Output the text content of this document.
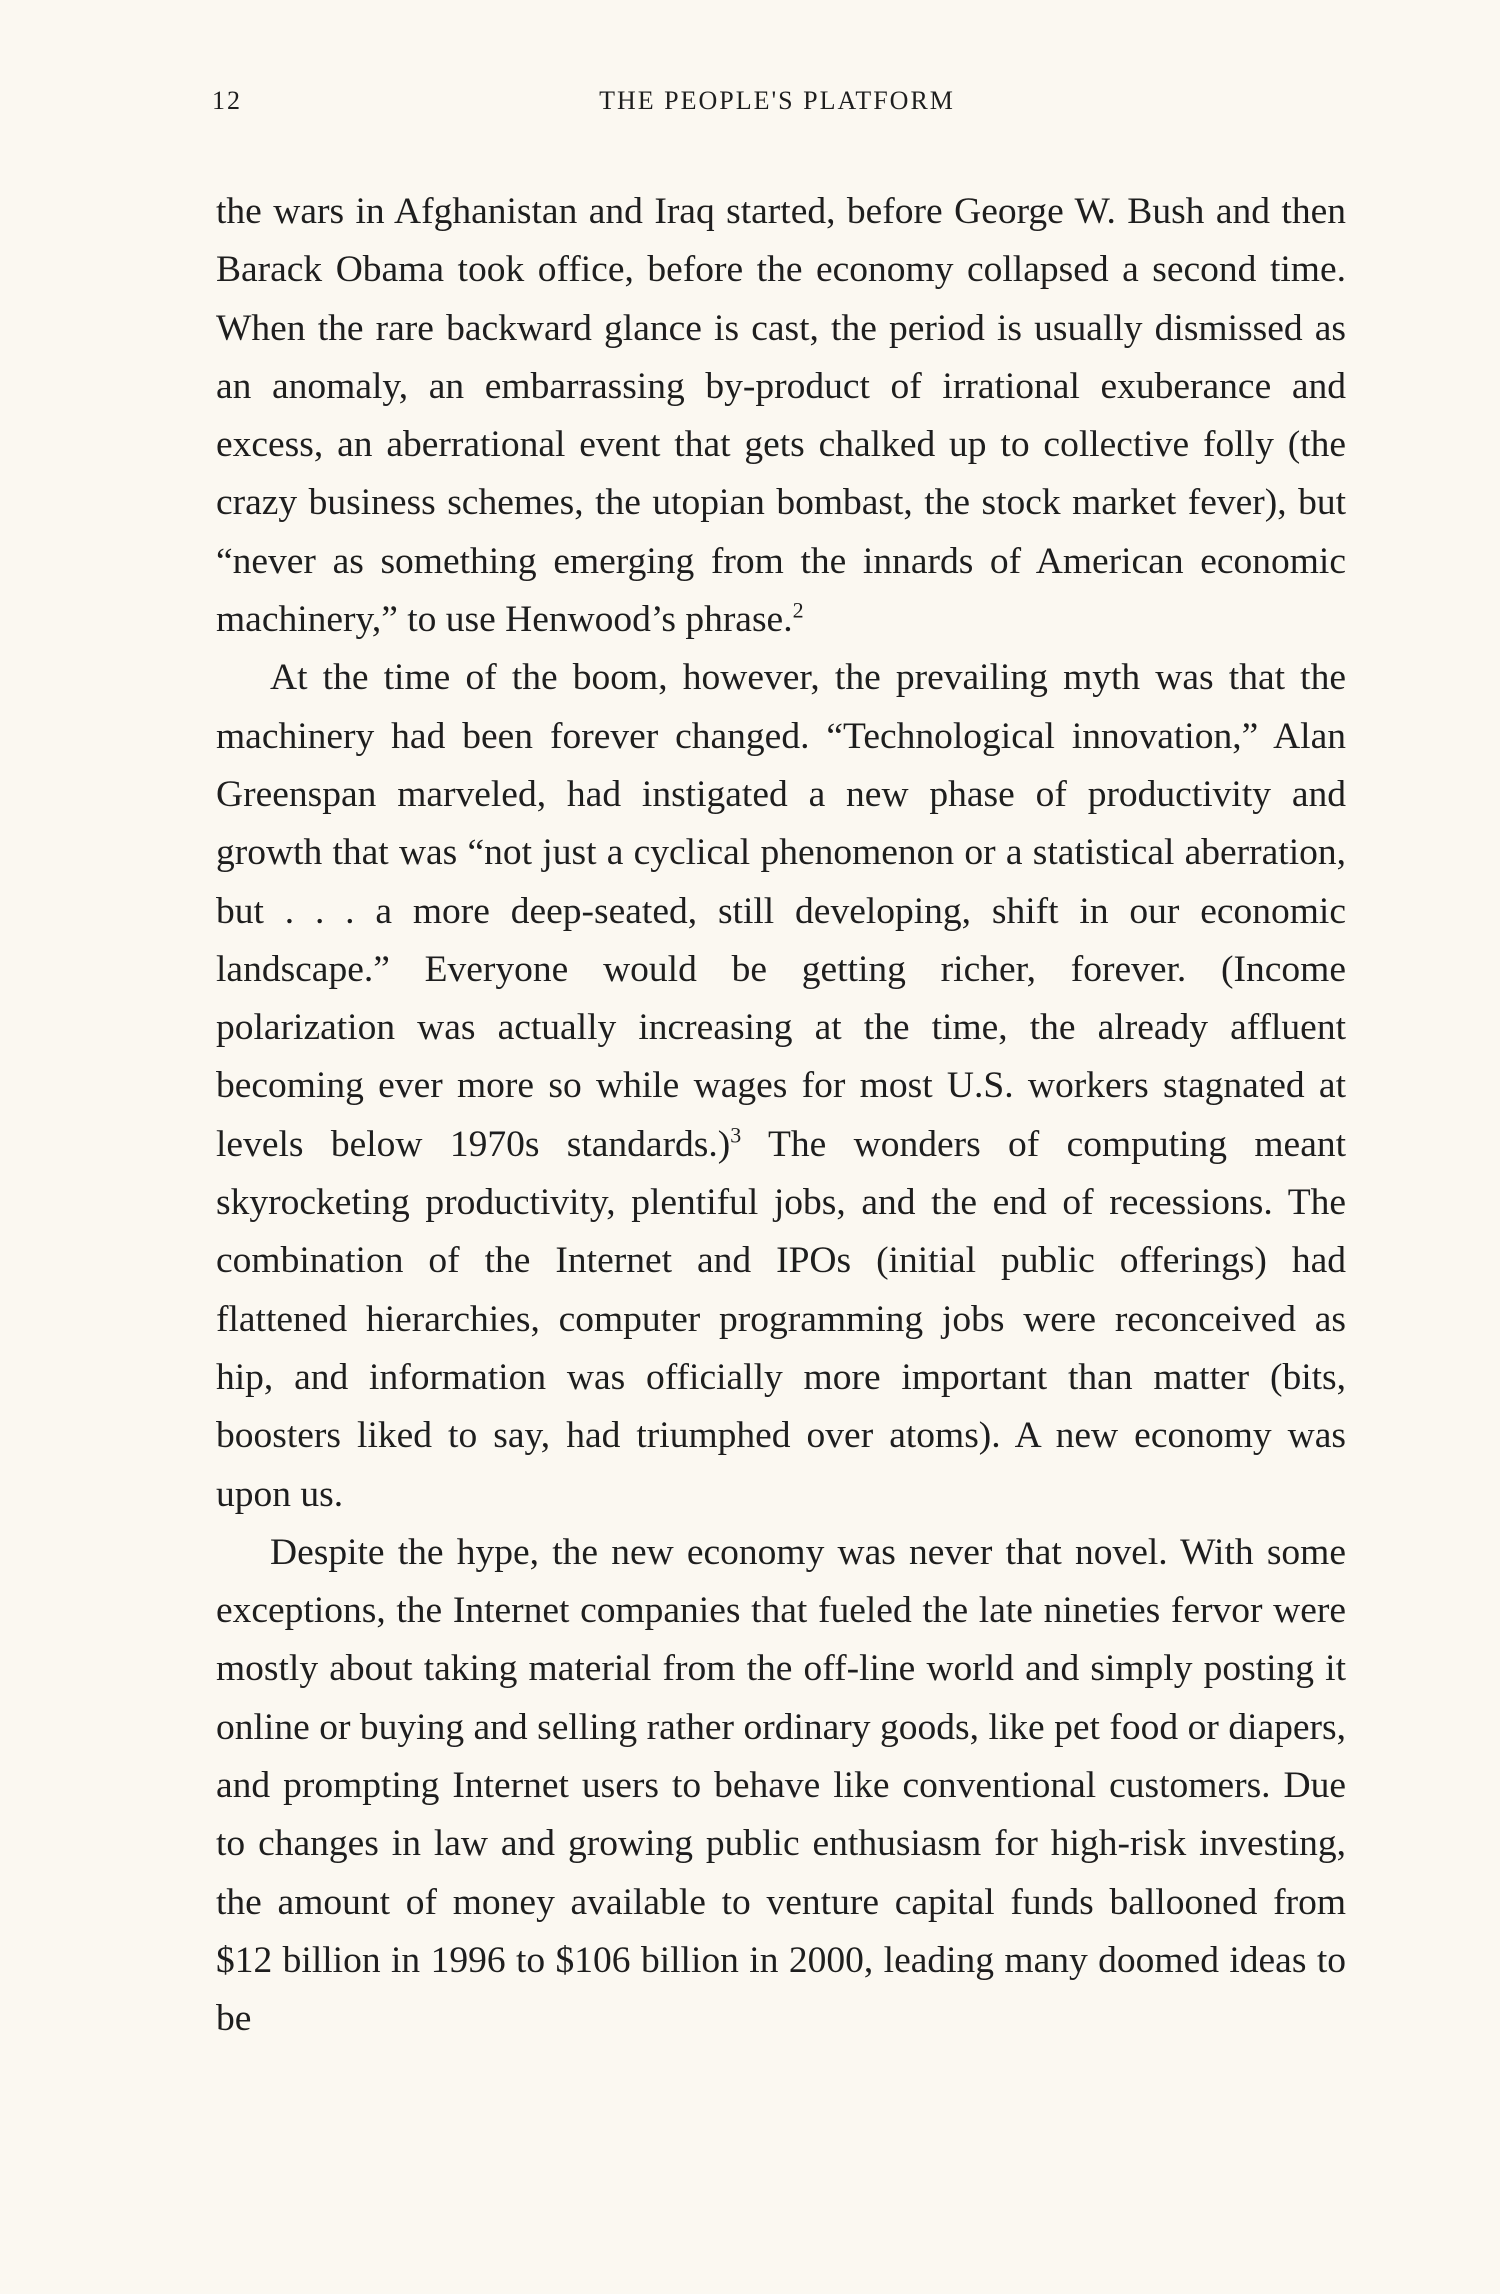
12	THE PEOPLE'S PLATFORM

the wars in Afghanistan and Iraq started, before George W. Bush and then Barack Obama took office, before the economy collapsed a second time. When the rare backward glance is cast, the period is usually dismissed as an anomaly, an embarrassing by-product of irrational exuberance and excess, an aberrational event that gets chalked up to collective folly (the crazy business schemes, the utopian bombast, the stock market fever), but “never as something emerging from the innards of American economic machinery,” to use Henwood’s phrase.$^2$

At the time of the boom, however, the prevailing myth was that the machinery had been forever changed. “Technological innovation,” Alan Greenspan marveled, had instigated a new phase of productivity and growth that was “not just a cyclical phenomenon or a statistical aberration, but . . . a more deep-seated, still developing, shift in our economic landscape.” Everyone would be getting richer, forever. (Income polarization was actually increasing at the time, the already affluent becoming ever more so while wages for most U.S. workers stagnated at levels below 1970s standards.)$^3$ The wonders of computing meant skyrocketing productivity, plentiful jobs, and the end of recessions. The combination of the Internet and IPOs (initial public offerings) had flattened hierarchies, computer programming jobs were reconceived as hip, and information was officially more important than matter (bits, boosters liked to say, had triumphed over atoms). A new economy was upon us.

Despite the hype, the new economy was never that novel. With some exceptions, the Internet companies that fueled the late nineties fervor were mostly about taking material from the off-line world and simply posting it online or buying and selling rather ordinary goods, like pet food or diapers, and prompting Internet users to behave like conventional customers. Due to changes in law and growing public enthusiasm for high-risk investing, the amount of money available to venture capital funds ballooned from $12 billion in 1996 to $106 billion in 2000, leading many doomed ideas to be
